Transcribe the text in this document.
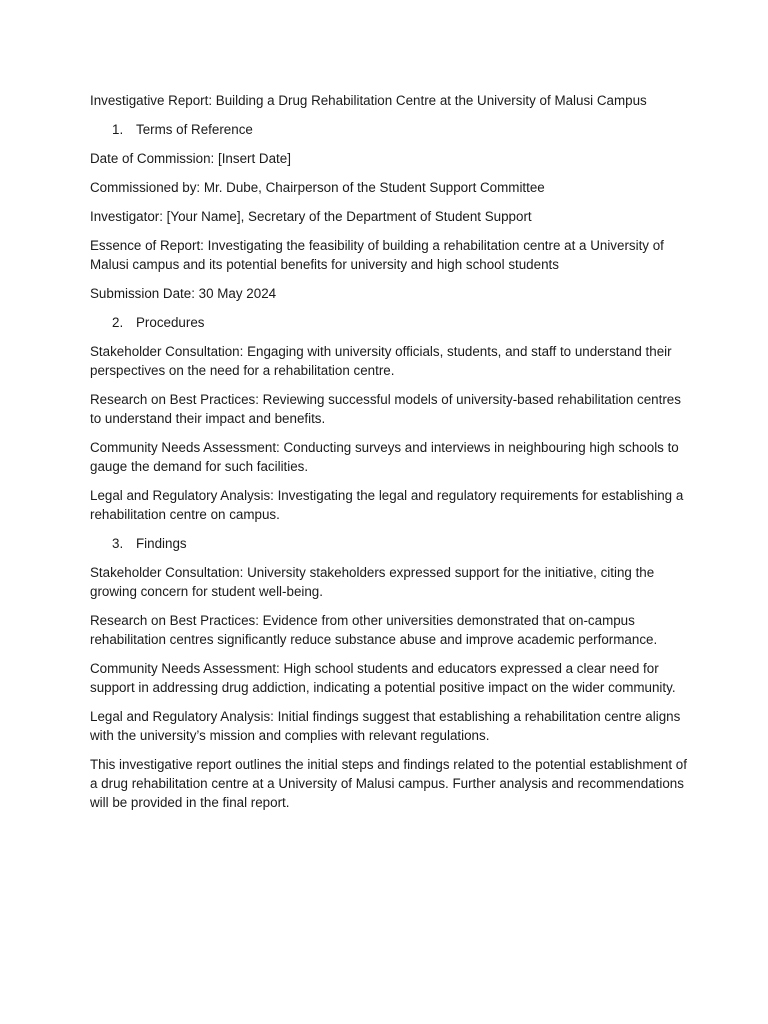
Investigative Report: Building a Drug Rehabilitation Centre at the University of Malusi Campus

1. Terms of Reference

Date of Commission: [Insert Date]

Commissioned by: Mr. Dube, Chairperson of the Student Support Committee

Investigator: [Your Name], Secretary of the Department of Student Support

Essence of Report: Investigating the feasibility of building a rehabilitation centre at a University of Malusi campus and its potential benefits for university and high school students

Submission Date: 30 May 2024

2. Procedures

Stakeholder Consultation: Engaging with university officials, students, and staff to understand their perspectives on the need for a rehabilitation centre.

Research on Best Practices: Reviewing successful models of university-based rehabilitation centres to understand their impact and benefits.

Community Needs Assessment: Conducting surveys and interviews in neighbouring high schools to gauge the demand for such facilities.

Legal and Regulatory Analysis: Investigating the legal and regulatory requirements for establishing a rehabilitation centre on campus.

3. Findings

Stakeholder Consultation: University stakeholders expressed support for the initiative, citing the growing concern for student well-being.

Research on Best Practices: Evidence from other universities demonstrated that on-campus rehabilitation centres significantly reduce substance abuse and improve academic performance.

Community Needs Assessment: High school students and educators expressed a clear need for support in addressing drug addiction, indicating a potential positive impact on the wider community.

Legal and Regulatory Analysis: Initial findings suggest that establishing a rehabilitation centre aligns with the university’s mission and complies with relevant regulations.

This investigative report outlines the initial steps and findings related to the potential establishment of a drug rehabilitation centre at a University of Malusi campus. Further analysis and recommendations will be provided in the final report.
